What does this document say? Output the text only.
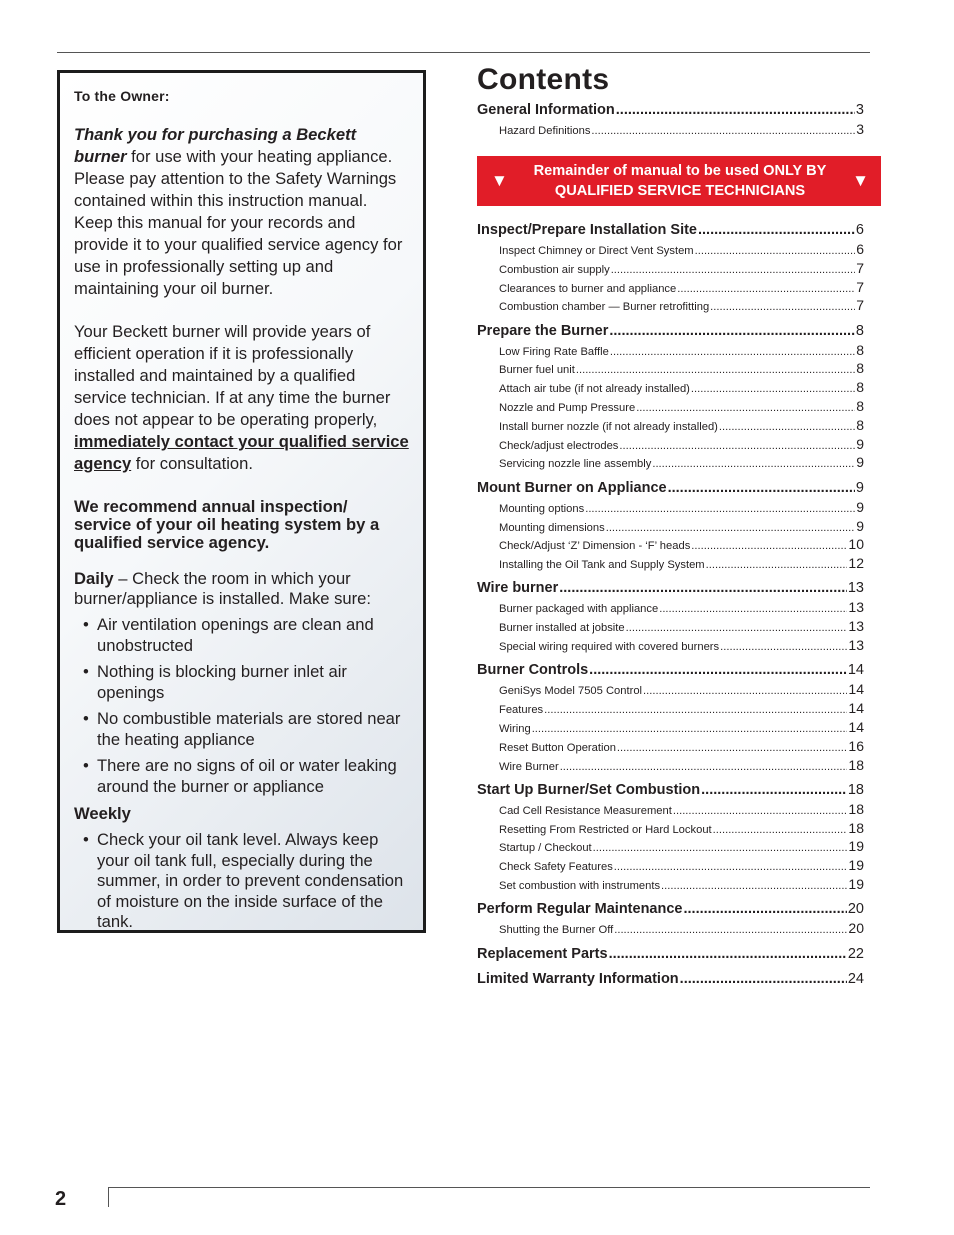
To the Owner:

Thank you for purchasing a Beckett
burner for use with your heating appliance. Please pay attention to the Safety Warnings contained within this instruction manual. Keep this manual for your records and provide it to your qualified service agency for use in professionally setting up and maintaining your oil burner.

Your Beckett burner will provide years of efficient operation if it is professionally installed and maintained by a qualified service technician. If at any time the burner does not appear to be operating properly, immediately contact your qualified service agency for consultation.

We recommend annual inspection/ service of your oil heating system by a qualified service agency.

Daily – Check the room in which your burner/appliance is installed. Make sure:

• Air ventilation openings are clean and unobstructed
• Nothing is blocking burner inlet air openings
• No combustible materials are stored near the heating appliance
• There are no signs of oil or water leaking around the burner or appliance

Weekly

• Check your oil tank level. Always keep your oil tank full, especially during the summer, in order to prevent condensation of moisture on the inside surface of the tank.
Contents
General Information .....	3
Hazard Definitions .....	3
▼ Remainder of manual to be used ONLY BY
QUALIFIED SERVICE TECHNICIANS
▼
Inspect/Prepare Installation Site .....	6
Inspect Chimney or Direct Vent System .....	6
Combustion air supply .....	7
Clearances to burner and appliance .....	7
Combustion chamber — Burner retrofitting .....	7
Prepare the Burner .....	8
Low Firing Rate Baffle .....	8
Burner fuel unit .....	8
Attach air tube (if not already installed) .....	8
Nozzle and Pump Pressure .....	8
Install burner nozzle (if not already installed) .....	8
Check/adjust electrodes .....	9
Servicing nozzle line assembly .....	9
Mount Burner on Appliance .....	9
Mounting options .....	9
Mounting dimensions .....	9
Check/Adjust ‘Z’ Dimension - ‘F’ heads .....	10
Installing the Oil Tank and Supply System .....	12
Wire burner .....	13
Burner packaged with appliance .....	13
Burner installed at jobsite .....	13
Special wiring required with covered burners .....	13
Burner Controls .....	14
GeniSys Model 7505 Control .....	14
Features .....	14
Wiring .....	14
Reset Button Operation .....	16
Wire Burner .....	18
Start Up Burner/Set Combustion .....	18
Cad Cell Resistance Measurement .....	18
Resetting From Restricted or Hard Lockout .....	18
Startup / Checkout .....	19
Check Safety Features .....	19
Set combustion with instruments .....	19
Perform Regular Maintenance .....	20
Shutting the Burner Off .....	20
Replacement Parts .....	22
Limited Warranty Information .....	24
2
